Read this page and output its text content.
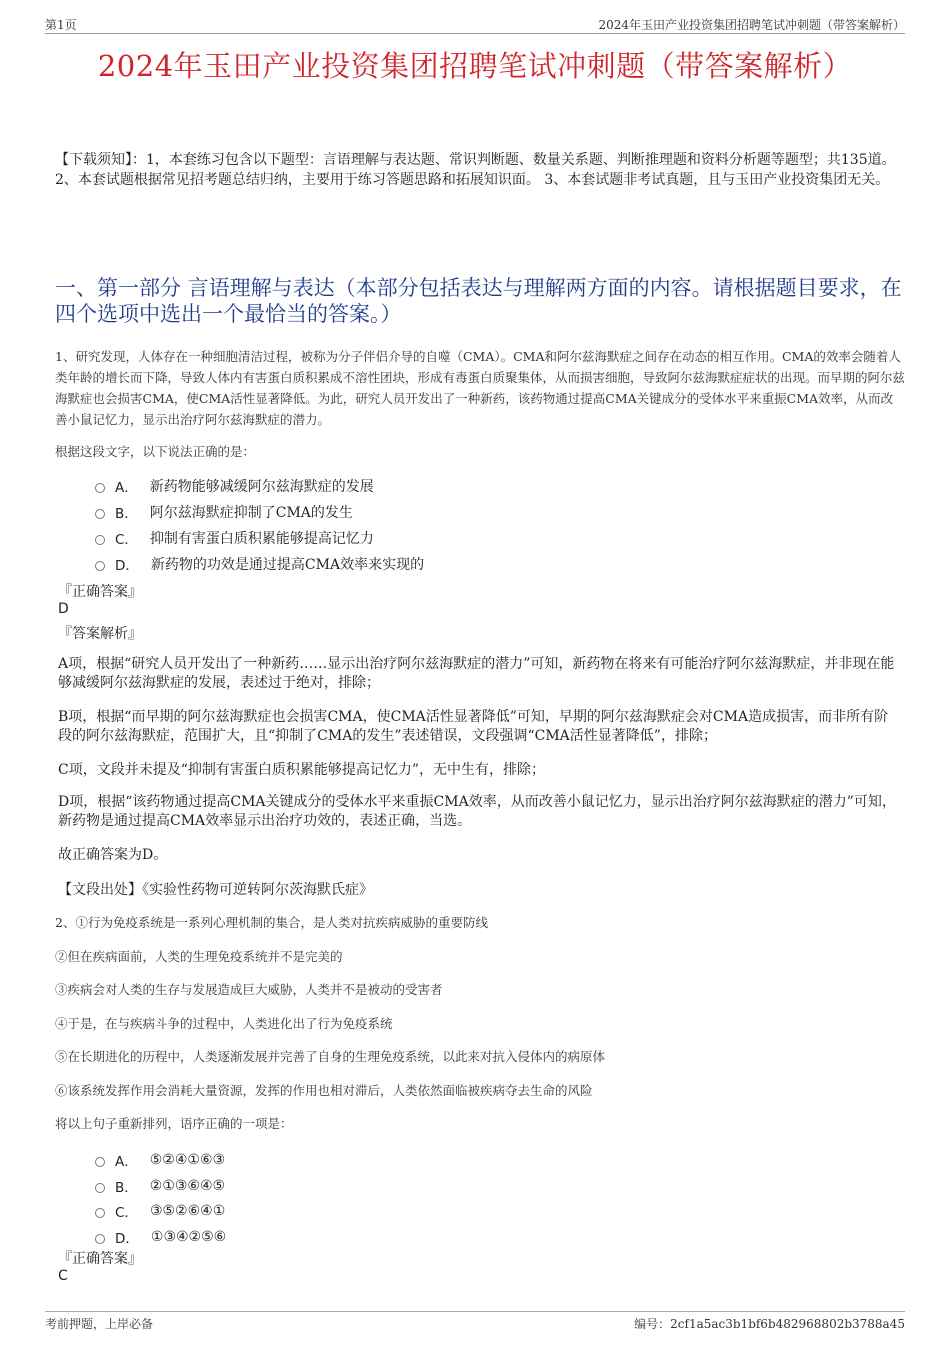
第1页	2024年玉田产业投资集团招聘笔试冲刺题（带答案解析）
2024年玉田产业投资集团招聘笔试冲刺题（带答案解析）
【下载须知】：1，本套练习包含以下题型：言语理解与表达题、常识判断题、数量关系题、判断推理题和资料分析题等题型；共135道。 2、本套试题根据常见招考题总结归纳，主要用于练习答题思路和拓展知识面。 3、本套试题非考试真题，且与玉田产业投资集团无关。
一、第一部分 言语理解与表达（本部分包括表达与理解两方面的内容。请根据题目要求，在四个选项中选出一个最恰当的答案。）
1、研究发现，人体存在一种细胞清洁过程，被称为分子伴侣介导的自噬（CMA）。CMA和阿尔兹海默症之间存在动态的相互作用。CMA的效率会随着人类年龄的增长而下降，导致人体内有害蛋白质积累成不溶性团块，形成有毒蛋白质聚集体，从而损害细胞，导致阿尔兹海默症症状的出现。而早期的阿尔兹海默症也会损害CMA，使CMA活性显著降低。为此，研究人员开发出了一种新药，该药物通过提高CMA关键成分的受体水平来重振CMA效率，从而改善小鼠记忆力，显示出治疗阿尔兹海默症的潜力。
根据这段文字，以下说法正确的是：
A． 新药物能够减缓阿尔兹海默症的发展
B． 阿尔兹海默症抑制了CMA的发生
C． 抑制有害蛋白质积累能够提高记忆力
D． 新药物的功效是通过提高CMA效率来实现的
『正确答案』
D
『答案解析』
A项，根据“研究人员开发出了一种新药……显示出治疗阿尔兹海默症的潜力”可知，新药物在将来有可能治疗阿尔兹海默症，并非现在能够减缓阿尔兹海默症的发展，表述过于绝对，排除；
B项，根据“而早期的阿尔兹海默症也会损害CMA，使CMA活性显著降低”可知，早期的阿尔兹海默症会对CMA造成损害，而非所有阶段的阿尔兹海默症，范围扩大，且“抑制了CMA的发生”表述错误，文段强调“CMA活性显著降低”，排除；
C项，文段并未提及“抑制有害蛋白质积累能够提高记忆力”，无中生有，排除；
D项，根据“该药物通过提高CMA关键成分的受体水平来重振CMA效率，从而改善小鼠记忆力，显示出治疗阿尔兹海默症的潜力”可知，新药物是通过提高CMA效率显示出治疗功效的，表述正确，当选。
故正确答案为D。
【文段出处】《实验性药物可逆转阿尔茨海默氏症》
2、①行为免疫系统是一系列心理机制的集合，是人类对抗疾病威胁的重要防线
②但在疾病面前，人类的生理免疫系统并不是完美的
③疾病会对人类的生存与发展造成巨大威胁，人类并不是被动的受害者
④于是，在与疾病斗争的过程中，人类进化出了行为免疫系统
⑤在长期进化的历程中，人类逐渐发展并完善了自身的生理免疫系统，以此来对抗入侵体内的病原体
⑥该系统发挥作用会消耗大量资源，发挥的作用也相对滞后，人类依然面临被疾病夺去生命的风险
将以上句子重新排列，语序正确的一项是：
A． ⑤②④①⑥③
B． ②①③⑥④⑤
C． ③⑤②⑥④①
D． ①③④②⑤⑥
『正确答案』
C
考前押题，上岸必备	编号：2cf1a5ac3b1bf6b482968802b3788a45
